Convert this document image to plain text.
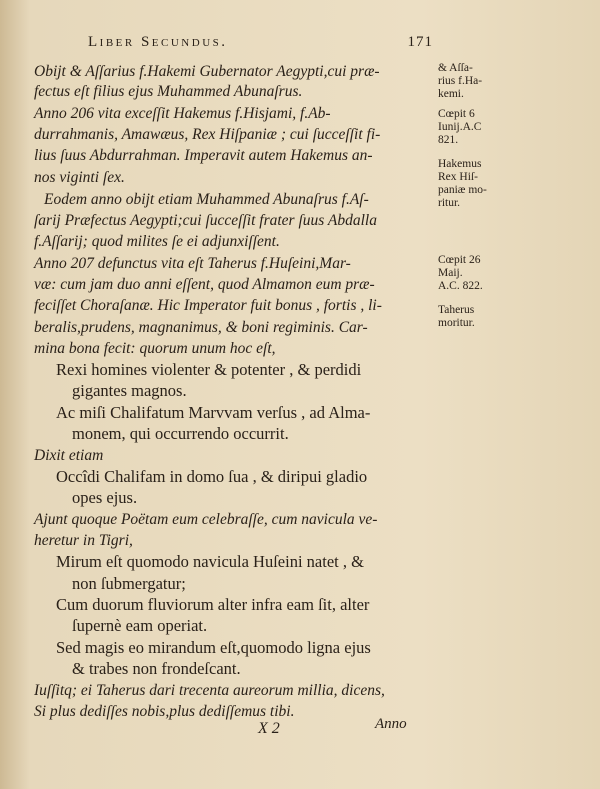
Liber Secundus.	171
Obijt & Aſſarius f.Hakemi Gubernator Aegypti,cui præ-
fectus eſt filius ejus Muhammed Abunaſrus.
Anno 206 vita exceſſit Hakemus f.Hisjami, f.Ab-
durrahmanis, Amawæus, Rex Hiſpaniæ ; cui ſucceſſit fi-
lius ſuus Abdurrahman. Imperavit autem Hakemus an-
nos viginti ſex.
Eodem anno obijt etiam Muhammed Abunaſrus f.Aſ-
ſarij Præfectus Aegypti;cui ſucceſſit frater ſuus Abdalla
f.Aſſarij; quod milites ſe ei adjunxiſſent.
Anno 207 defunctus vita eſt Taherus f.Huſeini,Mar-
væ: cum jam duo anni eſſent, quod Almamon eum præ-
feciſſet Choraſanæ. Hic Imperator fuit bonus , fortis , li-
beralis,prudens, magnanimus, & boni regiminis. Car-
mina bona fecit: quorum unum hoc eſt,
Rexi homines violenter & potenter , & perdidi
gigantes magnos.
Ac miſi Chalifatum Marvvam verſus , ad Alma-
monem, qui occurrendo occurrit.
Dixit etiam
Occîdi Chalifam in domo ſua , & diripui gladio
opes ejus.
Ajunt quoque Poëtam eum celebraſſe, cum navicula ve-
heretur in Tigri,
Mirum eſt quomodo navicula Huſeini natet , &
non ſubmergatur;
Cum duorum fluviorum alter infra eam ſit, alter
ſupernè eam operiat.
Sed magis eo mirandum eſt,quomodo ligna ejus
& trabes non frondeſcant.
Iuſſitq; ei Taherus dari trecenta aureorum millia, dicens,
Si plus dediſſes nobis,plus dediſſemus tibi.
& Aſſa-
rius f.Ha-
kemi.
Cœpit 6
Iunij.A.C
821.
Hakemus
Rex Hiſ-
paniæ mo-
ritur.
Cœpit 26
Maij.
A.C. 822.
Taherus
moritur.
X 2	Anno
